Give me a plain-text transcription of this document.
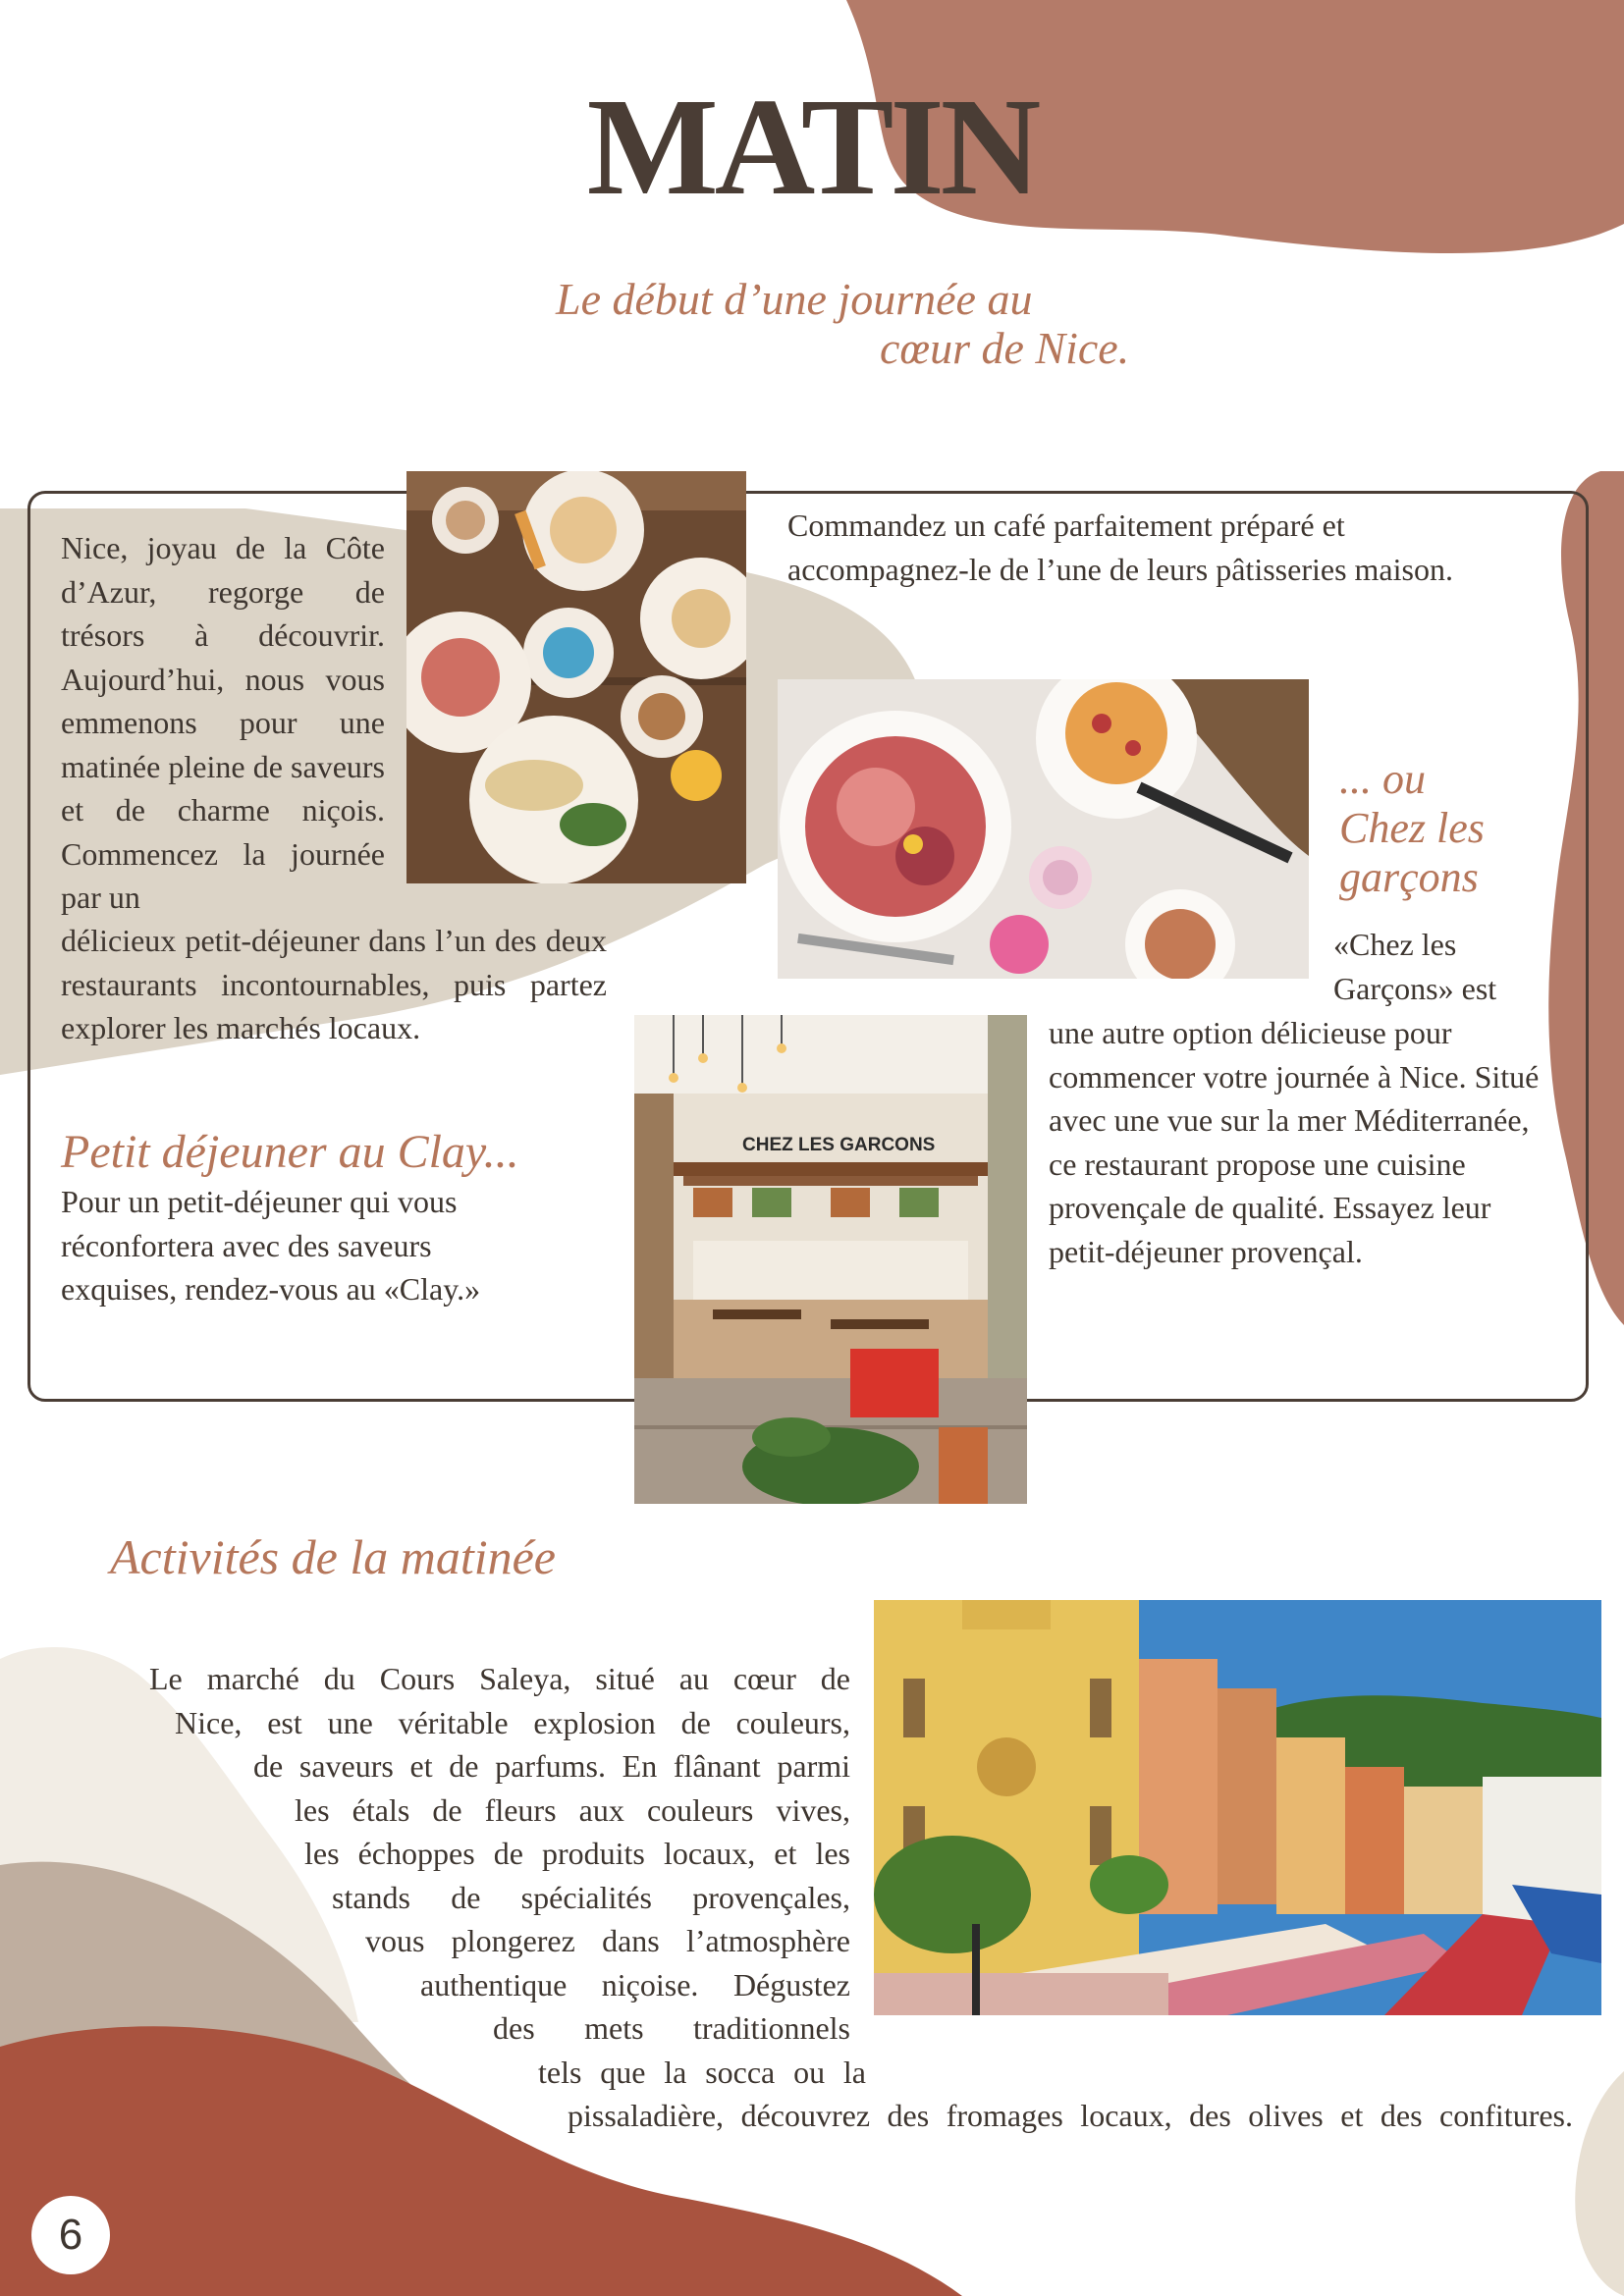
MATIN
Le début d’une journée au
cœur de Nice.
Nice, joyau de la Côte d’Azur, regorge de trésors à découvrir. Aujourd’hui, nous vous emmenons pour une matinée pleine de saveurs et de charme niçois. Commencez la journée par un
délicieux petit-déjeuner dans l’un des deux restaurants incontournables, puis partez explorer les marchés locaux.
Petit déjeuner au Clay...
Pour un petit-déjeuner qui vous réconfortera avec des saveurs exquises, rendez-vous au «Clay.»
Commandez un café parfaitement préparé et accompagnez-le de l’une de leurs pâtisseries maison.
... ou
Chez les
garçons
«Chez les
Garçons» est
une autre option délicieuse pour commencer votre journée à Nice. Situé avec une vue sur la mer Méditerranée, ce restaurant propose une cuisine provençale de qualité. Essayez leur petit-déjeuner provençal.
CHEZ LES GARCONS
Activités de la matinée
Le marché du Cours Saleya, situé au cœur de
Nice, est une véritable explosion de couleurs,
de saveurs et de parfums. En flânant parmi
les étals de fleurs aux couleurs vives,
les échoppes de produits locaux, et les
stands de spécialités provençales,
vous plongerez dans l’atmosphère
authentique niçoise. Dégustez
des mets traditionnels
tels que la socca ou la
pissaladière, découvrez des fromages locaux, des olives et des confitures.
6
